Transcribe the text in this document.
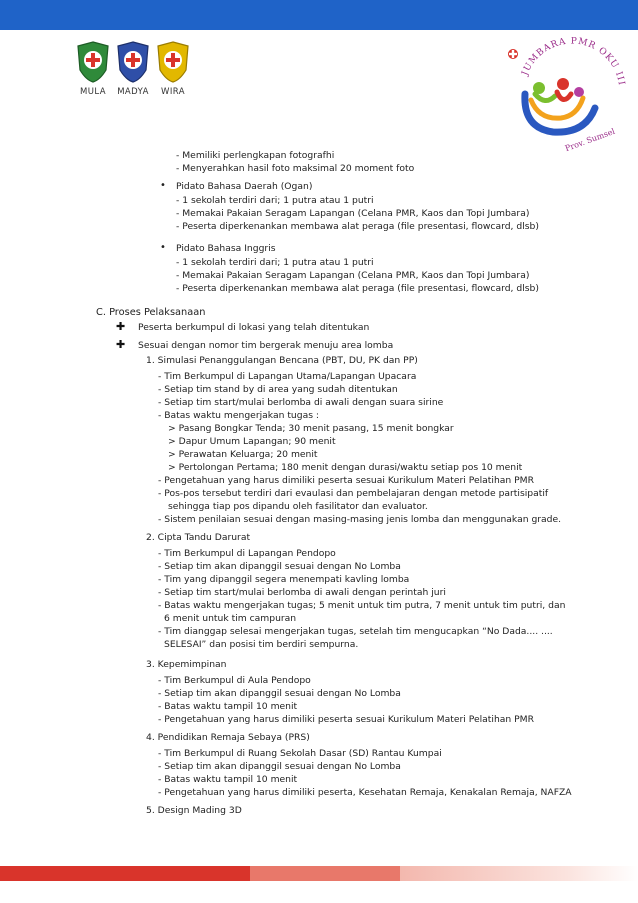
MULA	MADYA	WIRA
JUMBARA PMR OKU III
Prov. Sumsel
- Memiliki perlengkapan fotografhi
- Menyerahkan hasil foto maksimal 20 moment foto
• Pidato Bahasa Daerah (Ogan)
- 1 sekolah terdiri dari; 1 putra atau 1 putri
- Memakai Pakaian Seragam Lapangan (Celana PMR, Kaos dan Topi Jumbara)
- Peserta diperkenankan membawa alat peraga (file presentasi, flowcard, dlsb)
• Pidato Bahasa Inggris
- 1 sekolah terdiri dari; 1 putra atau 1 putri
- Memakai Pakaian Seragam Lapangan (Celana PMR, Kaos dan Topi Jumbara)
- Peserta diperkenankan membawa alat peraga (file presentasi, flowcard, dlsb)
C. Proses Pelaksanaan
✚ Peserta berkumpul di lokasi yang telah ditentukan
✚ Sesuai dengan nomor tim bergerak menuju area lomba
1. Simulasi Penanggulangan Bencana (PBT, DU, PK dan PP)
- Tim Berkumpul di Lapangan Utama/Lapangan Upacara
- Setiap tim stand by di area yang sudah ditentukan
- Setiap tim start/mulai berlomba di awali dengan suara sirine
- Batas waktu mengerjakan tugas :
> Pasang Bongkar Tenda; 30 menit pasang, 15 menit bongkar
> Dapur Umum Lapangan; 90 menit
> Perawatan Keluarga; 20 menit
> Pertolongan Pertama; 180 menit dengan durasi/waktu setiap pos 10 menit
- Pengetahuan yang harus dimiliki peserta sesuai Kurikulum Materi Pelatihan PMR
- Pos-pos tersebut terdiri dari evaulasi dan pembelajaran dengan metode partisipatif
sehingga tiap pos dipandu oleh fasilitator dan evaluator.
- Sistem penilaian sesuai dengan masing-masing jenis lomba dan menggunakan grade.
2. Cipta Tandu Darurat
- Tim Berkumpul di Lapangan Pendopo
- Setiap tim akan dipanggil sesuai dengan No Lomba
- Tim yang dipanggil segera menempati kavling lomba
- Setiap tim start/mulai berlomba di awali dengan perintah juri
- Batas waktu mengerjakan tugas; 5 menit untuk tim putra, 7 menit untuk tim putri, dan
6 menit untuk tim campuran
- Tim dianggap selesai mengerjakan tugas, setelah tim mengucapkan “No Dada.... ....
SELESAI” dan posisi tim berdiri sempurna.
3. Kepemimpinan
- Tim Berkumpul di Aula Pendopo
- Setiap tim akan dipanggil sesuai dengan No Lomba
- Batas waktu tampil 10 menit
- Pengetahuan yang harus dimiliki peserta sesuai Kurikulum Materi Pelatihan PMR
4. Pendidikan Remaja Sebaya (PRS)
- Tim Berkumpul di Ruang Sekolah Dasar (SD) Rantau Kumpai
- Setiap tim akan dipanggil sesuai dengan No Lomba
- Batas waktu tampil 10 menit
- Pengetahuan yang harus dimiliki peserta, Kesehatan Remaja, Kenakalan Remaja, NAFZA
5. Design Mading 3D
